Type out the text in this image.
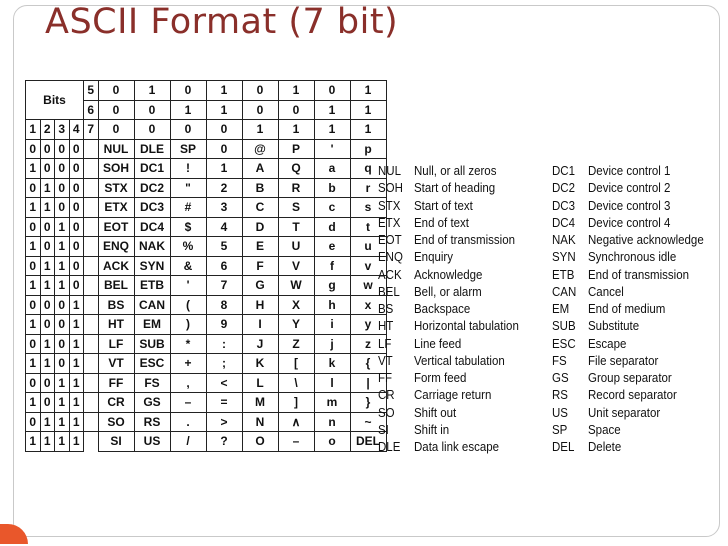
ASCII Format (7 bit)
Bits				5	0	1	0	1	0	1	0	1
				6	0	0	1	1	0	0	1	1
1	2	3	4	7	0	0	0	0	1	1	1	1
0	0	0	0		NUL	DLE	SP	0	@	P	'	p
1	0	0	0		SOH	DC1	!	1	A	Q	a	q
0	1	0	0		STX	DC2	"	2	B	R	b	r
1	1	0	0		ETX	DC3	#	3	C	S	c	s
0	0	1	0		EOT	DC4	$	4	D	T	d	t
1	0	1	0		ENQ	NAK	%	5	E	U	e	u
0	1	1	0		ACK	SYN	&	6	F	V	f	v
1	1	1	0		BEL	ETB	'	7	G	W	g	w
0	0	0	1		BS	CAN	(	8	H	X	h	x
1	0	0	1		HT	EM	)	9	I	Y	i	y
0	1	0	1		LF	SUB	*	:	J	Z	j	z
1	1	0	1		VT	ESC	+	;	K	[	k	{
0	0	1	1		FF	FS	,	<	L	\	l	|
1	0	1	1		CR	GS	–	=	M	]	m	}
0	1	1	1		SO	RS	.	>	N	∧	n	~
1	1	1	1		SI	US	/	?	O	–	o	DEL
NUL	Null, or all zeros
SOH Start of heading
STX	Start of text
ETX	End of text
EOT End of transmission
ENQ Enquiry
ACK Acknowledge
BEL	Bell, or alarm
BS	Backspace
HT	Horizontal tabulation
LF	Line feed
VT	Vertical tabulation
FF	Form feed
CR	Carriage return
SO	Shift out
SI	Shift in
DLE	Data link escape
DC1	Device control 1
DC2	Device control 2
DC3	Device control 3
DC4	Device control 4
NAK Negative acknowledge
SYN Synchronous idle
ETB	End of transmission
CAN Cancel
EM	End of medium
SUB Substitute
ESC Escape
FS	File separator
GS	Group separator
RS	Record separator
US	Unit separator
SP	Space
DEL	Delete
